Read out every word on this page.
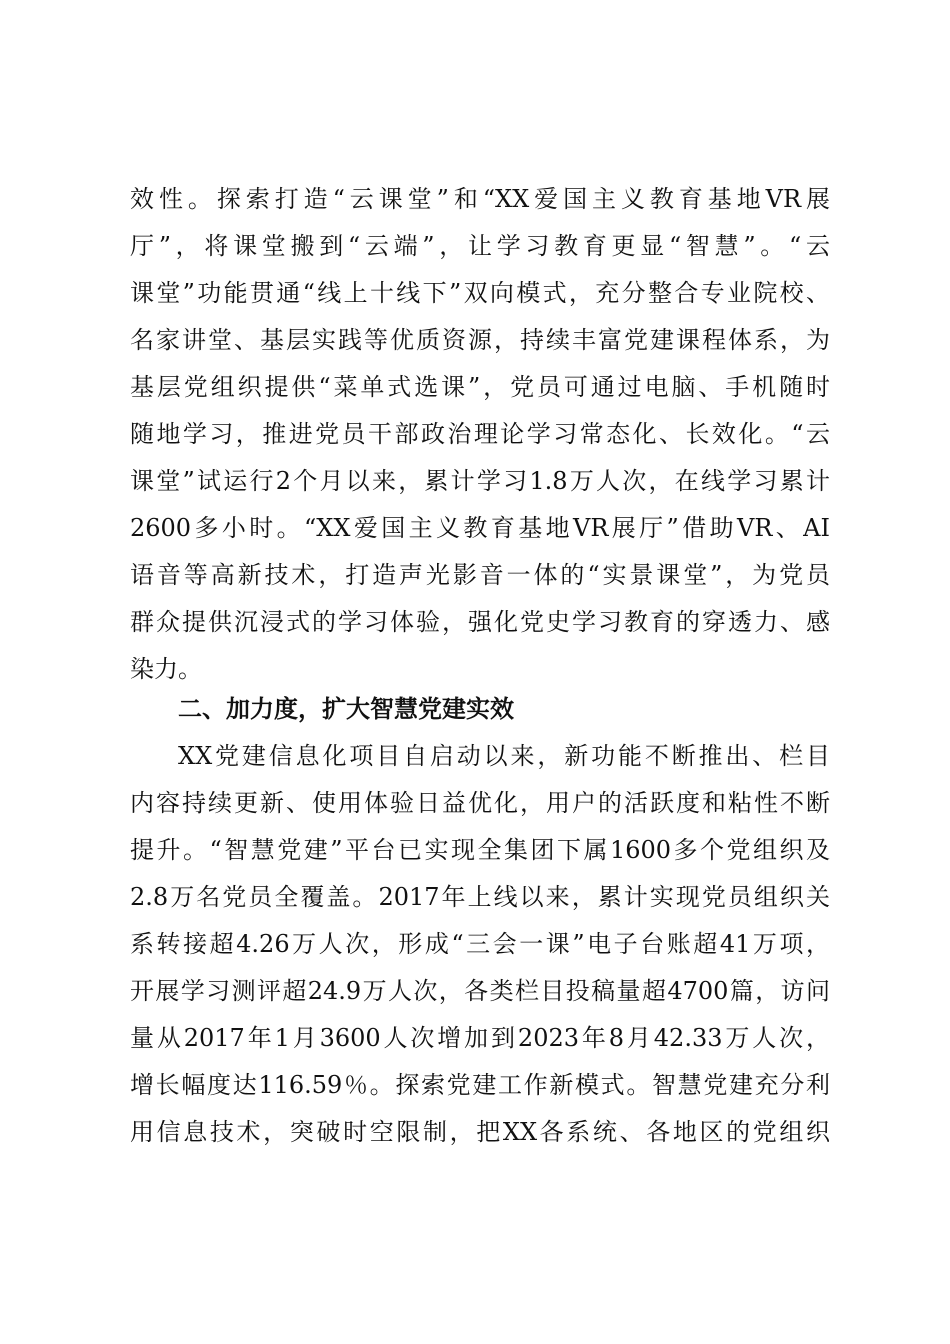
效性。探索打造“云课堂”和“XX爱国主义教育基地VR展
厅”，将课堂搬到“云端”，让学习教育更显“智慧”。“云
课堂”功能贯通“线上十线下”双向模式，充分整合专业院校、
名家讲堂、基层实践等优质资源，持续丰富党建课程体系，为
基层党组织提供“菜单式选课”，党员可通过电脑、手机随时
随地学习，推进党员干部政治理论学习常态化、长效化。“云
课堂”试运行2个月以来，累计学习1.8万人次，在线学习累计
2600多小时。“XX爱国主义教育基地VR展厅”借助VR、AI
语音等高新技术，打造声光影音一体的“实景课堂”，为党员
群众提供沉浸式的学习体验，强化党史学习教育的穿透力、感
染力。
二、加力度，扩大智慧党建实效
XX党建信息化项目自启动以来，新功能不断推出、栏目
内容持续更新、使用体验日益优化，用户的活跃度和粘性不断
提升。“智慧党建”平台已实现全集团下属1600多个党组织及
2.8万名党员全覆盖。2017年上线以来，累计实现党员组织关
系转接超4.26万人次，形成“三会一课”电子台账超41万项，
开展学习测评超24.9万人次，各类栏目投稿量超4700篇，访问
量从2017年1月3600人次增加到2023年8月42.33万人次，
增长幅度达116.59％。探索党建工作新模式。智慧党建充分利
用信息技术，突破时空限制，把XX各系统、各地区的党组织
